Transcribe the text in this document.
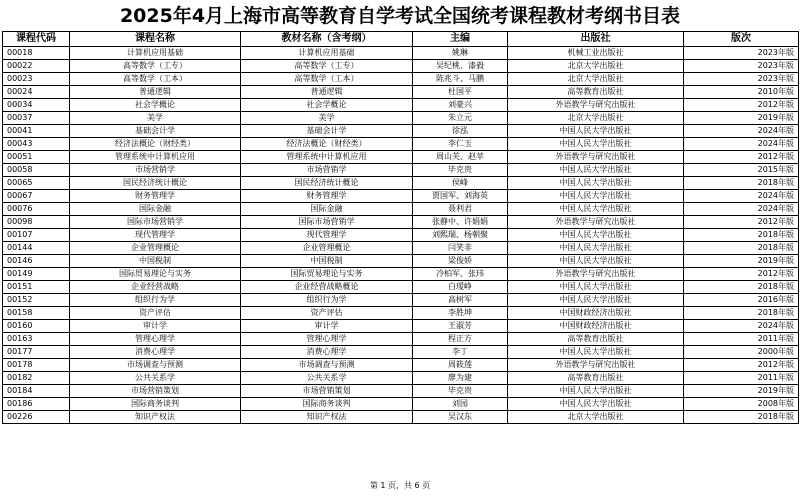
2025年4月上海市高等教育自学考试全国统考课程教材考纲书目表
课程代码	课程名称	教材名称（含考纲）	主编	出版社	版次
00018	计算机应用基础	计算机应用基础	姚琳	机械工业出版社	2023年版
00022	高等数学（工专）	高等数学（工专）	吴纪桃、漆毅	北京大学出版社	2023年版
00023	高等数学（工本）	高等数学（工本）	陈兆斗、马鹏	北京大学出版社	2023年版
00024	普通逻辑	普通逻辑	杜国平	高等教育出版社	2010年版
00034	社会学概论	社会学概论	刘豪兴	外语教学与研究出版社	2012年版
00037	美学	美学	朱立元	北京大学出版社	2019年版
00041	基础会计学	基础会计学	徐泓	中国人民大学出版社	2024年版
00043	经济法概论（财经类）	经济法概论（财经类）	李仁玉	中国人民大学出版社	2024年版
00051	管理系统中计算机应用	管理系统中计算机应用	周山芙、赵苹	外语教学与研究出版社	2012年版
00058	市场营销学	市场营销学	毕克贵	中国人民大学出版社	2015年版
00065	国民经济统计概论	国民经济统计概论	侯峰	中国人民大学出版社	2018年版
00067	财务管理学	财务管理学	贾国军、刘海英	中国人民大学出版社	2024年版
00076	国际金融	国际金融	聂利君	中国人民大学出版社	2024年版
00098	国际市场营销学	国际市场营销学	张静中、许娟娟	外语教学与研究出版社	2012年版
00107	现代管理学	现代管理学	刘熙瑞、杨朝聚	中国人民大学出版社	2018年版
00144	企业管理概论	企业管理概论	闫笑非	中国人民大学出版社	2018年版
00146	中国税制	中国税制	梁俊娇	中国人民大学出版社	2019年版
00149	国际贸易理论与实务	国际贸易理论与实务	冷柏军、张玮	外语教学与研究出版社	2012年版
00151	企业经营战略	企业经营战略概论	白瑷峥	中国人民大学出版社	2018年版
00152	组织行为学	组织行为学	高树军	中国人民大学出版社	2016年版
00158	资产评估	资产评估	李胜坤	中国财政经济出版社	2018年版
00160	审计学	审计学	王淑芳	中国财政经济出版社	2024年版
00163	管理心理学	管理心理学	程正方	高等教育出版社	2011年版
00177	消费心理学	消费心理学	李丁	中国人民大学出版社	2000年版
00178	市场调查与预测	市场调查与预测	周筱莲	外语教学与研究出版社	2012年版
00182	公共关系学	公共关系学	廖为建	高等教育出版社	2011年版
00184	市场营销策划	市场营销策划	毕克贵	中国人民大学出版社	2019年版
00186	国际商务谈判	国际商务谈判	刘园	中国人民大学出版社	2008年版
00226	知识产权法	知识产权法	吴汉东	北京大学出版社	2018年版
第 1 页，共 6 页
